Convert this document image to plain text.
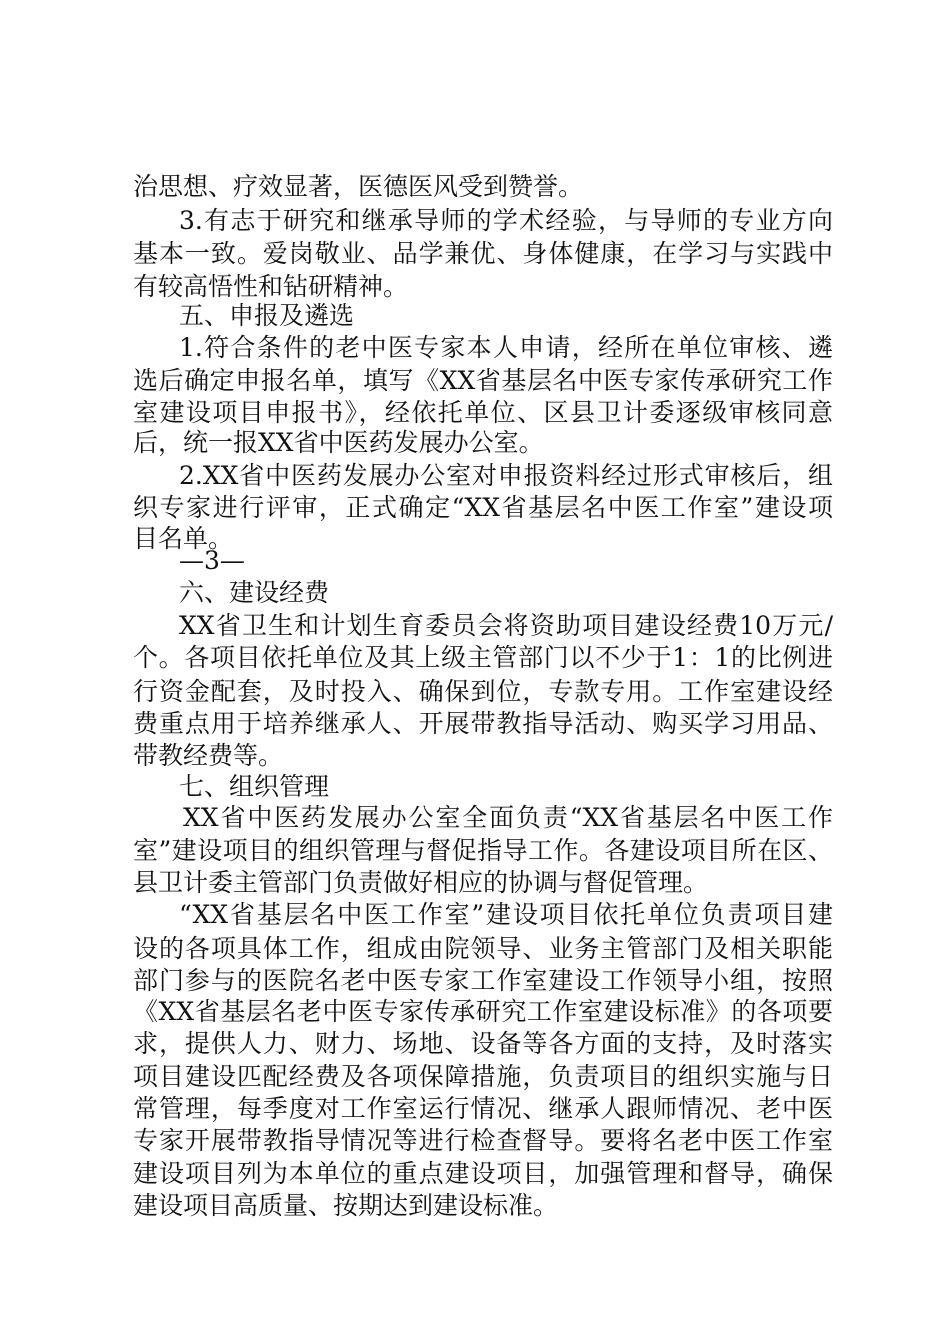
治思想、疗效显著，医德医风受到赞誉。
3.有志于研究和继承导师的学术经验，与导师的专业方向
基本一致。爱岗敬业、品学兼优、身体健康，在学习与实践中
有较高悟性和钻研精神。
五、申报及遴选
1.符合条件的老中医专家本人申请，经所在单位审核、遴
选后确定申报名单，填写《XX省基层名中医专家传承研究工作
室建设项目申报书》，经依托单位、区县卫计委逐级审核同意
后，统一报XX省中医药发展办公室。
2.XX省中医药发展办公室对申报资料经过形式审核后，组
织专家进行评审，正式确定“XX省基层名中医工作室”建设项
目名单。
—3—
六、建设经费
XX省卫生和计划生育委员会将资助项目建设经费10万元/
个。各项目依托单位及其上级主管部门以不少于1：1的比例进
行资金配套，及时投入、确保到位，专款专用。工作室建设经
费重点用于培养继承人、开展带教指导活动、购买学习用品、
带教经费等。
七、组织管理
XX省中医药发展办公室全面负责“XX省基层名中医工作
室”建设项目的组织管理与督促指导工作。各建设项目所在区、
县卫计委主管部门负责做好相应的协调与督促管理。
“XX省基层名中医工作室”建设项目依托单位负责项目建
设的各项具体工作，组成由院领导、业务主管部门及相关职能
部门参与的医院名老中医专家工作室建设工作领导小组，按照
《XX省基层名老中医专家传承研究工作室建设标准》的各项要
求，提供人力、财力、场地、设备等各方面的支持，及时落实
项目建设匹配经费及各项保障措施，负责项目的组织实施与日
常管理，每季度对工作室运行情况、继承人跟师情况、老中医
专家开展带教指导情况等进行检查督导。要将名老中医工作室
建设项目列为本单位的重点建设项目，加强管理和督导，确保
建设项目高质量、按期达到建设标准。
